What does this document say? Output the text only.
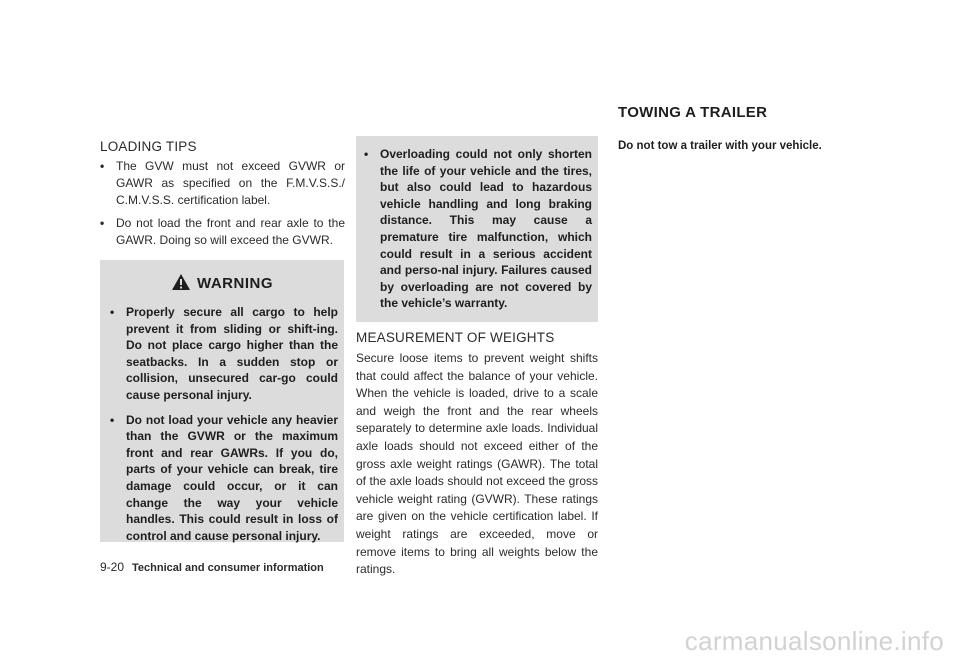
TOWING A TRAILER
LOADING TIPS
• The GVW must not exceed GVWR or GAWR as specified on the F.M.V.S.S./ C.M.V.S.S. certification label.
• Do not load the front and rear axle to the GAWR. Doing so will exceed the GVWR.
WARNING
• Properly secure all cargo to help prevent it from sliding or shift-ing. Do not place cargo higher than the seatbacks. In a sudden stop or collision, unsecured car-go could cause personal injury.
• Do not load your vehicle any heavier than the GVWR or the maximum front and rear GAWRs. If you do, parts of your vehicle can break, tire damage could occur, or it can change the way your vehicle handles. This could result in loss of control and cause personal injury.
• Overloading could not only shorten the life of your vehicle and the tires, but also could lead to hazardous vehicle handling and long braking distance. This may cause a premature tire malfunction, which could result in a serious accident and perso-nal injury. Failures caused by overloading are not covered by the vehicle’s warranty.
MEASUREMENT OF WEIGHTS

Secure loose items to prevent weight shifts that could affect the balance of your vehicle. When the vehicle is loaded, drive to a scale and weigh the front and the rear wheels separately to determine axle loads. Individual axle loads should not exceed either of the gross axle weight ratings (GAWR). The total of the axle loads should not exceed the gross vehicle weight rating (GVWR). These ratings are given on the vehicle certification label. If weight ratings are exceeded, move or remove items to bring all weights below the ratings.

Do not tow a trailer with your vehicle.

9-20 Technical and consumer information
carmanualsonline.info
